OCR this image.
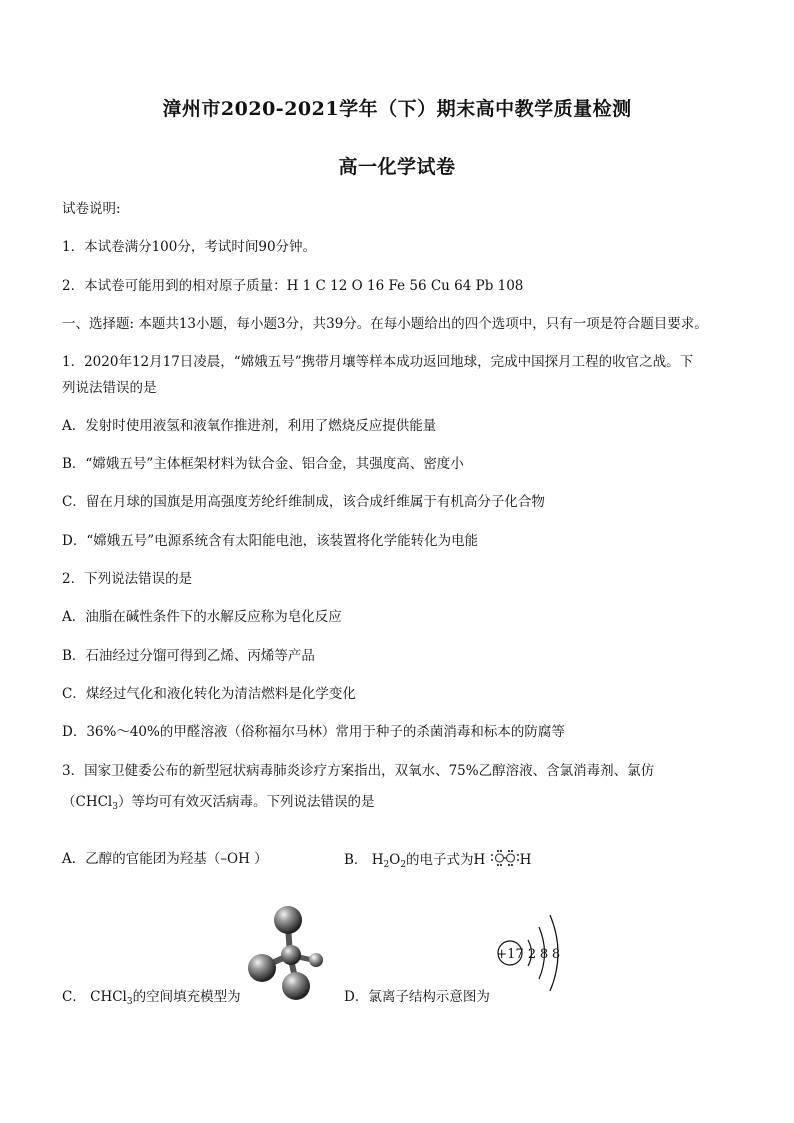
漳州市2020-2021学年（下）期末高中教学质量检测
高一化学试卷
试卷说明:
1．本试卷满分100分，考试时间90分钟。
2．本试卷可能用到的相对原子质量：H 1 C 12 O 16 Fe 56 Cu 64 Pb 108
一、选择题: 本题共13小题，每小题3分，共39分。在每小题给出的四个选项中，只有一项是符合题目要求。
1．2020年12月17日凌晨，“嫦娥五号”携带月壤等样本成功返回地球，完成中国探月工程的收官之战。下
列说法错误的是
A．发射时使用液氢和液氧作推进剂，利用了燃烧反应提供能量
B．“嫦娥五号”主体框架材料为钛合金、铝合金，其强度高、密度小
C．留在月球的国旗是用高强度芳纶纤维制成，该合成纤维属于有机高分子化合物
D．“嫦娥五号”电源系统含有太阳能电池，该装置将化学能转化为电能
2．下列说法错误的是
A．油脂在碱性条件下的水解反应称为皂化反应
B．石油经过分馏可得到乙烯、丙烯等产品
C．煤经过气化和液化转化为清洁燃料是化学变化
D．36%～40%的甲醛溶液（俗称福尔马林）常用于种子的杀菌消毒和标本的防腐等
3．国家卫健委公布的新型冠状病毒肺炎诊疗方案指出，双氧水、75%乙醇溶液、含氯消毒剂、氯仿
（CHCl$_3$）等均可有效灭活病毒。下列说法错误的是
A．乙醇的官能团为羟基（–OH ）	B． $H_2O_2$的电子式为H	H
+17 2 8 8
C． CHCl$_3$的空间填充模型为	D．氯离子结构示意图为
